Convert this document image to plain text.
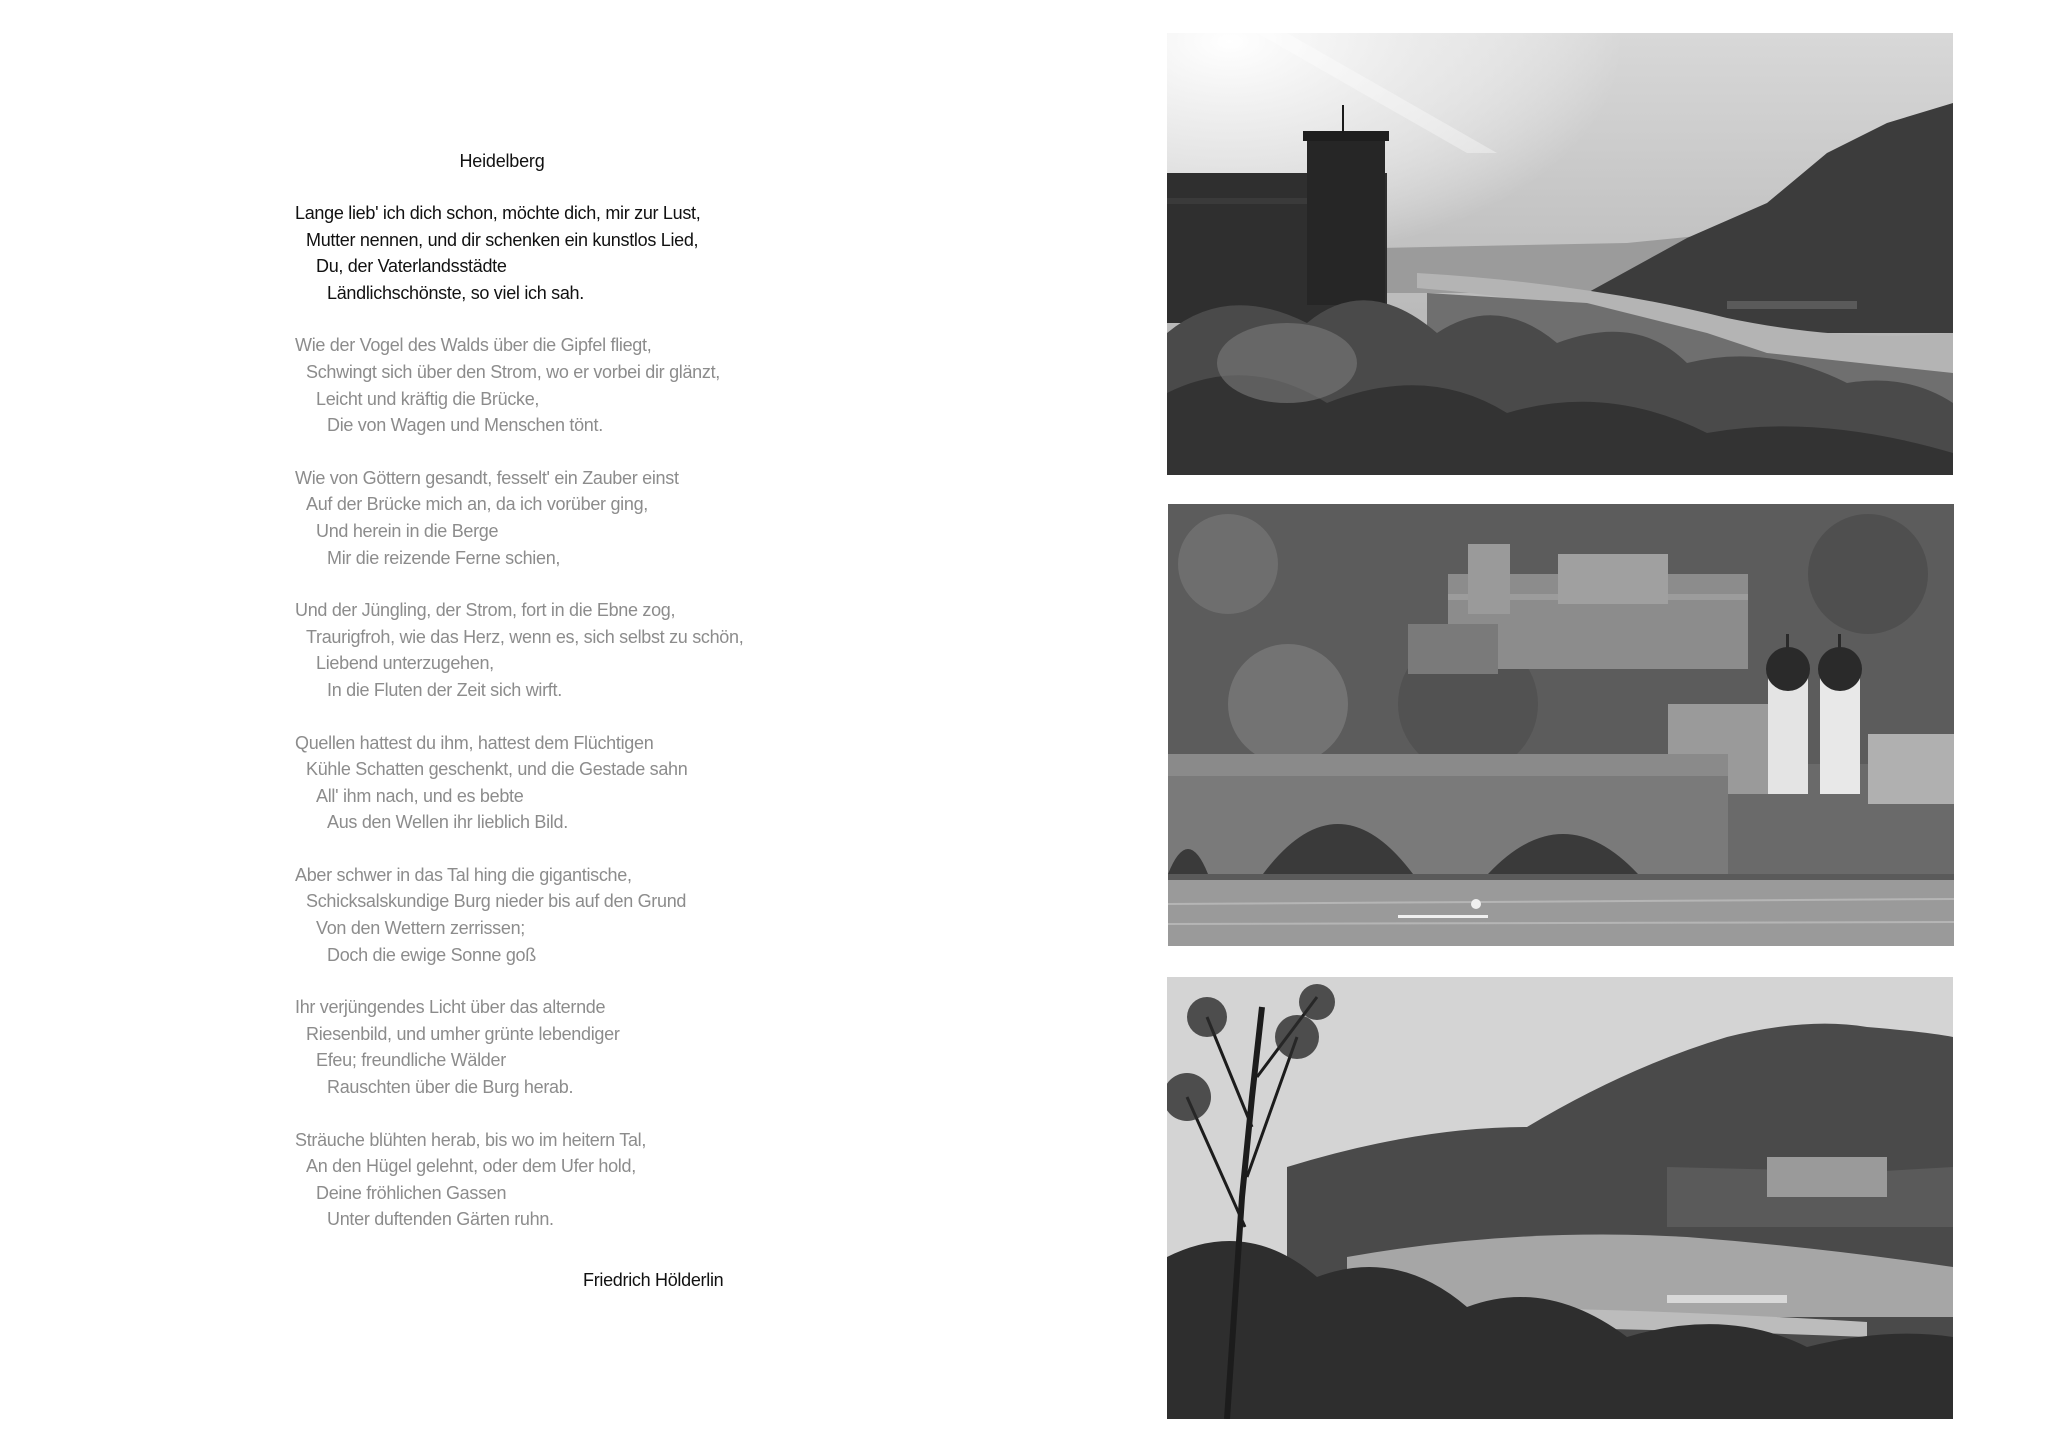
Heidelberg
Lange lieb' ich dich schon, möchte dich, mir zur Lust,
Mutter nennen, und dir schenken ein kunstlos Lied,
Du, der Vaterlandsstädte
Ländlichschönste, so viel ich sah.
Wie der Vogel des Walds über die Gipfel fliegt,
Schwingt sich über den Strom, wo er vorbei dir glänzt,
Leicht und kräftig die Brücke,
Die von Wagen und Menschen tönt.
Wie von Göttern gesandt, fesselt' ein Zauber einst
Auf der Brücke mich an, da ich vorüber ging,
Und herein in die Berge
Mir die reizende Ferne schien,
Und der Jüngling, der Strom, fort in die Ebne zog,
Traurigfroh, wie das Herz, wenn es, sich selbst zu schön,
Liebend unterzugehen,
In die Fluten der Zeit sich wirft.
Quellen hattest du ihm, hattest dem Flüchtigen
Kühle Schatten geschenkt, und die Gestade sahn
All' ihm nach, und es bebte
Aus den Wellen ihr lieblich Bild.
Aber schwer in das Tal hing die gigantische,
Schicksalskundige Burg nieder bis auf den Grund
Von den Wettern zerrissen;
Doch die ewige Sonne goß
Ihr verjüngendes Licht über das alternde
Riesenbild, und umher grünte lebendiger
Efeu; freundliche Wälder
Rauschten über die Burg herab.
Sträuche blühten herab, bis wo im heitern Tal,
An den Hügel gelehnt, oder dem Ufer hold,
Deine fröhlichen Gassen
Unter duftenden Gärten ruhn.
Friedrich Hölderlin
